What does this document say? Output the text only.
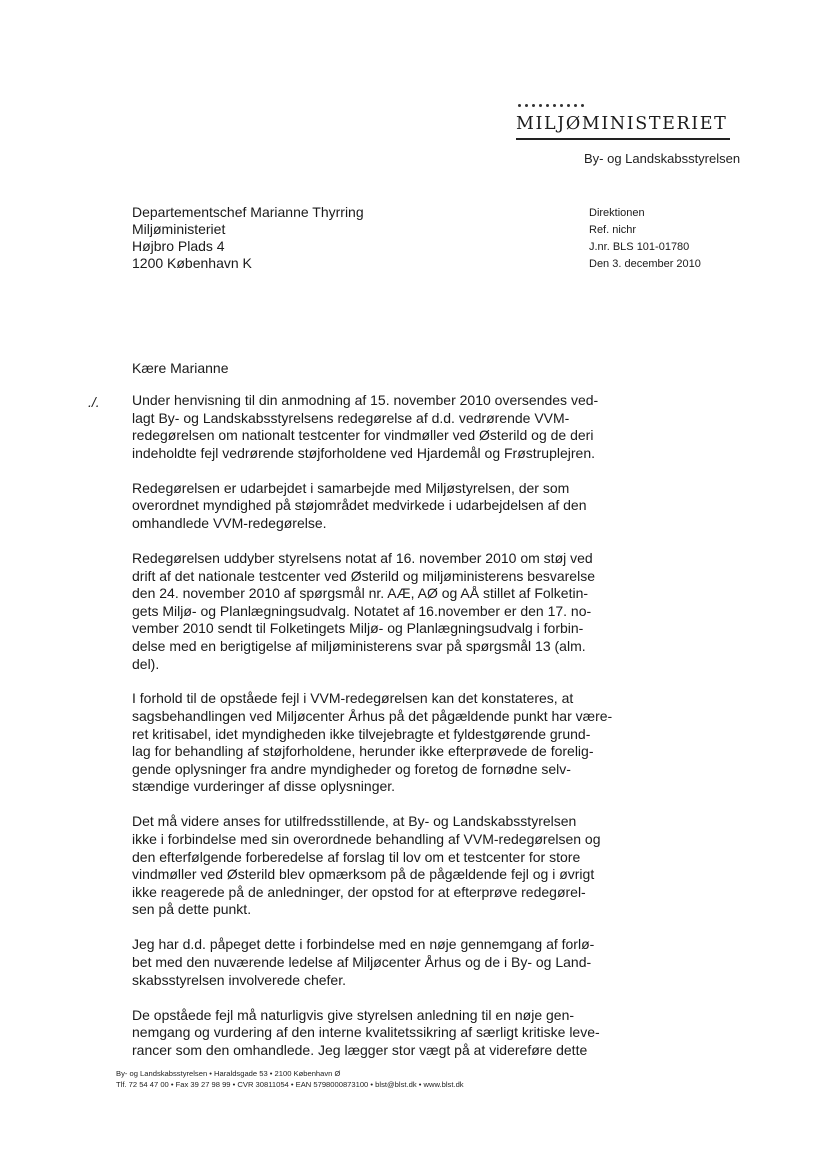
MILJØMINISTERIET
By- og Landskabsstyrelsen
Departementschef Marianne Thyrring
Miljøministeriet
Højbro Plads 4
1200 København K
Direktionen
Ref. nichr
J.nr. BLS 101-01780
Den 3. december 2010
Kære Marianne
./. Under henvisning til din anmodning af 15. november 2010 oversendes ved-
lagt By- og Landskabsstyrelsens redegørelse af d.d. vedrørende VVM-
redegørelsen om nationalt testcenter for vindmøller ved Østerild og de deri
indeholdte fejl vedrørende støjforholdene ved Hjardemål og Frøstruplejren.

Redegørelsen er udarbejdet i samarbejde med Miljøstyrelsen, der som
overordnet myndighed på støjområdet medvirkede i udarbejdelsen af den
omhandlede VVM-redegørelse.

Redegørelsen uddyber styrelsens notat af 16. november 2010 om støj ved
drift af det nationale testcenter ved Østerild og miljøministerens besvarelse
den 24. november 2010 af spørgsmål nr. AÆ, AØ og AÅ stillet af Folketin-
gets Miljø- og Planlægningsudvalg. Notatet af 16.november er den 17. no-
vember 2010 sendt til Folketingets Miljø- og Planlægningsudvalg i forbin-
delse med en berigtigelse af miljøministerens svar på spørgsmål 13 (alm.
del).

I forhold til de opståede fejl i VVM-redegørelsen kan det konstateres, at
sagsbehandlingen ved Miljøcenter Århus på det pågældende punkt har være-
ret kritisabel, idet myndigheden ikke tilvejebragte et fyldestgørende grund-
lag for behandling af støjforholdene, herunder ikke efterprøvede de forelig-
gende oplysninger fra andre myndigheder og foretog de fornødne selv-
stændige vurderinger af disse oplysninger.

Det må videre anses for utilfredsstillende, at By- og Landskabsstyrelsen
ikke i forbindelse med sin overordnede behandling af VVM-redegørelsen og
den efterfølgende forberedelse af forslag til lov om et testcenter for store
vindmøller ved Østerild blev opmærksom på de pågældende fejl og i øvrigt
ikke reagerede på de anledninger, der opstod for at efterprøve redegørel-
sen på dette punkt.

Jeg har d.d. påpeget dette i forbindelse med en nøje gennemgang af forlø-
bet med den nuværende ledelse af Miljøcenter Århus og de i By- og Land-
skabsstyrelsen involverede chefer.

De opståede fejl må naturligvis give styrelsen anledning til en nøje gen-
nemgang og vurdering af den interne kvalitetssikring af særligt kritiske leve-
rancer som den omhandlede. Jeg lægger stor vægt på at videreføre dette

By- og Landskabsstyrelsen • Haraldsgade 53 • 2100 København Ø
Tlf. 72 54 47 00 • Fax 39 27 98 99 • CVR 30811054 • EAN 5798000873100 • blst@blst.dk • www.blst.dk
